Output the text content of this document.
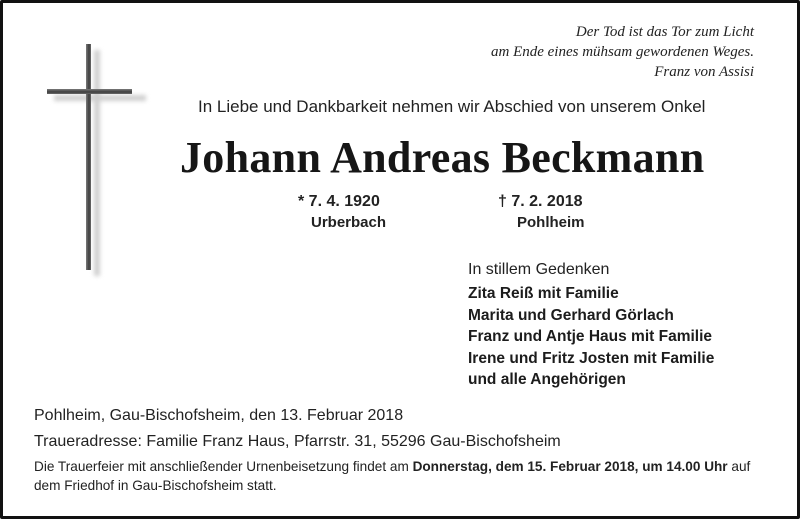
Der Tod ist das Tor zum Licht
am Ende eines mühsam gewordenen Weges.
Franz von Assisi
In Liebe und Dankbarkeit nehmen wir Abschied von unserem Onkel
Johann Andreas Beckmann
* 7. 4. 1920
Urberbach
† 7. 2. 2018
Pohlheim
In stillem Gedenken
Zita Reiß mit Familie
Marita und Gerhard Görlach
Franz und Antje Haus mit Familie
Irene und Fritz Josten mit Familie
und alle Angehörigen
Pohlheim, Gau-Bischofsheim, den 13. Februar 2018
Traueradresse: Familie Franz Haus, Pfarrstr. 31, 55296 Gau-Bischofsheim
Die Trauerfeier mit anschließender Urnenbeisetzung findet am Donnerstag, dem 15. Februar 2018, um 14.00 Uhr auf dem Friedhof in Gau-Bischofsheim statt.
